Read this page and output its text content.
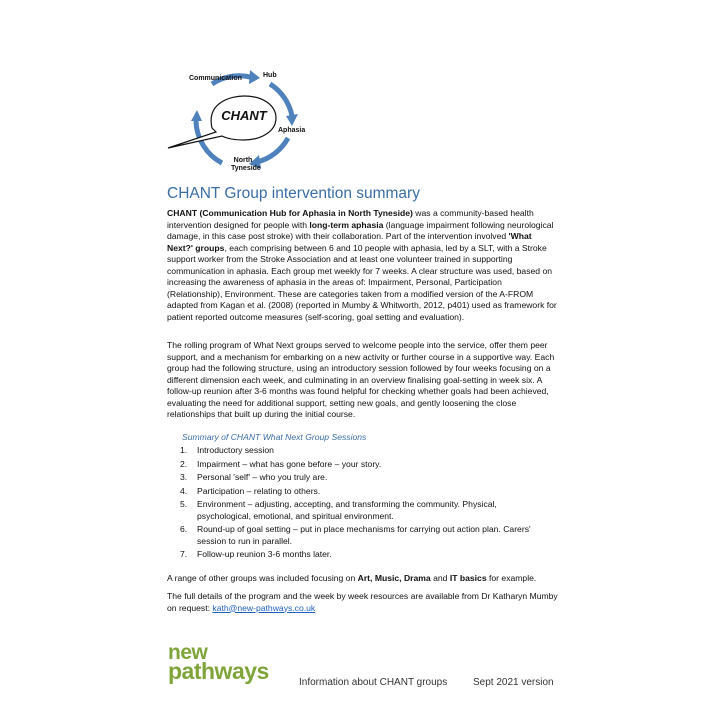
CHANT
Communication	Hub
Aphasia
North
Tyneside
CHANT Group intervention summary
CHANT (Communication Hub for Aphasia in North Tyneside) was a community-based health intervention designed for people with long-term aphasia (language impairment following neurological damage, in this case post stroke) with their collaboration. Part of the intervention involved 'What Next?' groups, each comprising between 6 and 10 people with aphasia, led by a SLT, with a Stroke support worker from the Stroke Association and at least one volunteer trained in supporting communication in aphasia. Each group met weekly for 7 weeks. A clear structure was used, based on increasing the awareness of aphasia in the areas of: Impairment, Personal, Participation (Relationship), Environment. These are categories taken from a modified version of the A-FROM adapted from Kagan et al. (2008) (reported in Mumby & Whitworth, 2012, p401) used as framework for patient reported outcome measures (self-scoring, goal setting and evaluation).
The rolling program of What Next groups served to welcome people into the service, offer them peer support, and a mechanism for embarking on a new activity or further course in a supportive way. Each group had the following structure, using an introductory session followed by four weeks focusing on a different dimension each week, and culminating in an overview finalising goal-setting in week six. A follow-up reunion after 3-6 months was found helpful for checking whether goals had been achieved, evaluating the need for additional support, setting new goals, and gently loosening the close relationships that built up during the initial course.
Summary of CHANT What Next Group Sessions
1.	Introductory session
2.	Impairment – what has gone before – your story.
3.	Personal 'self' – who you truly are.
4.	Participation – relating to others.
5.	Environment – adjusting, accepting, and transforming the community. Physical, psychological, emotional, and spiritual environment.
6.	Round-up of goal setting – put in place mechanisms for carrying out action plan. Carers' session to run in parallel.
7.	Follow-up reunion 3-6 months later.
A range of other groups was included focusing on Art, Music, Drama and IT basics for example.
The full details of the program and the week by week resources are available from Dr Katharyn Mumby on request: kath@new-pathways.co.uk
new
pathways	Information about CHANT groups	Sept 2021 version
